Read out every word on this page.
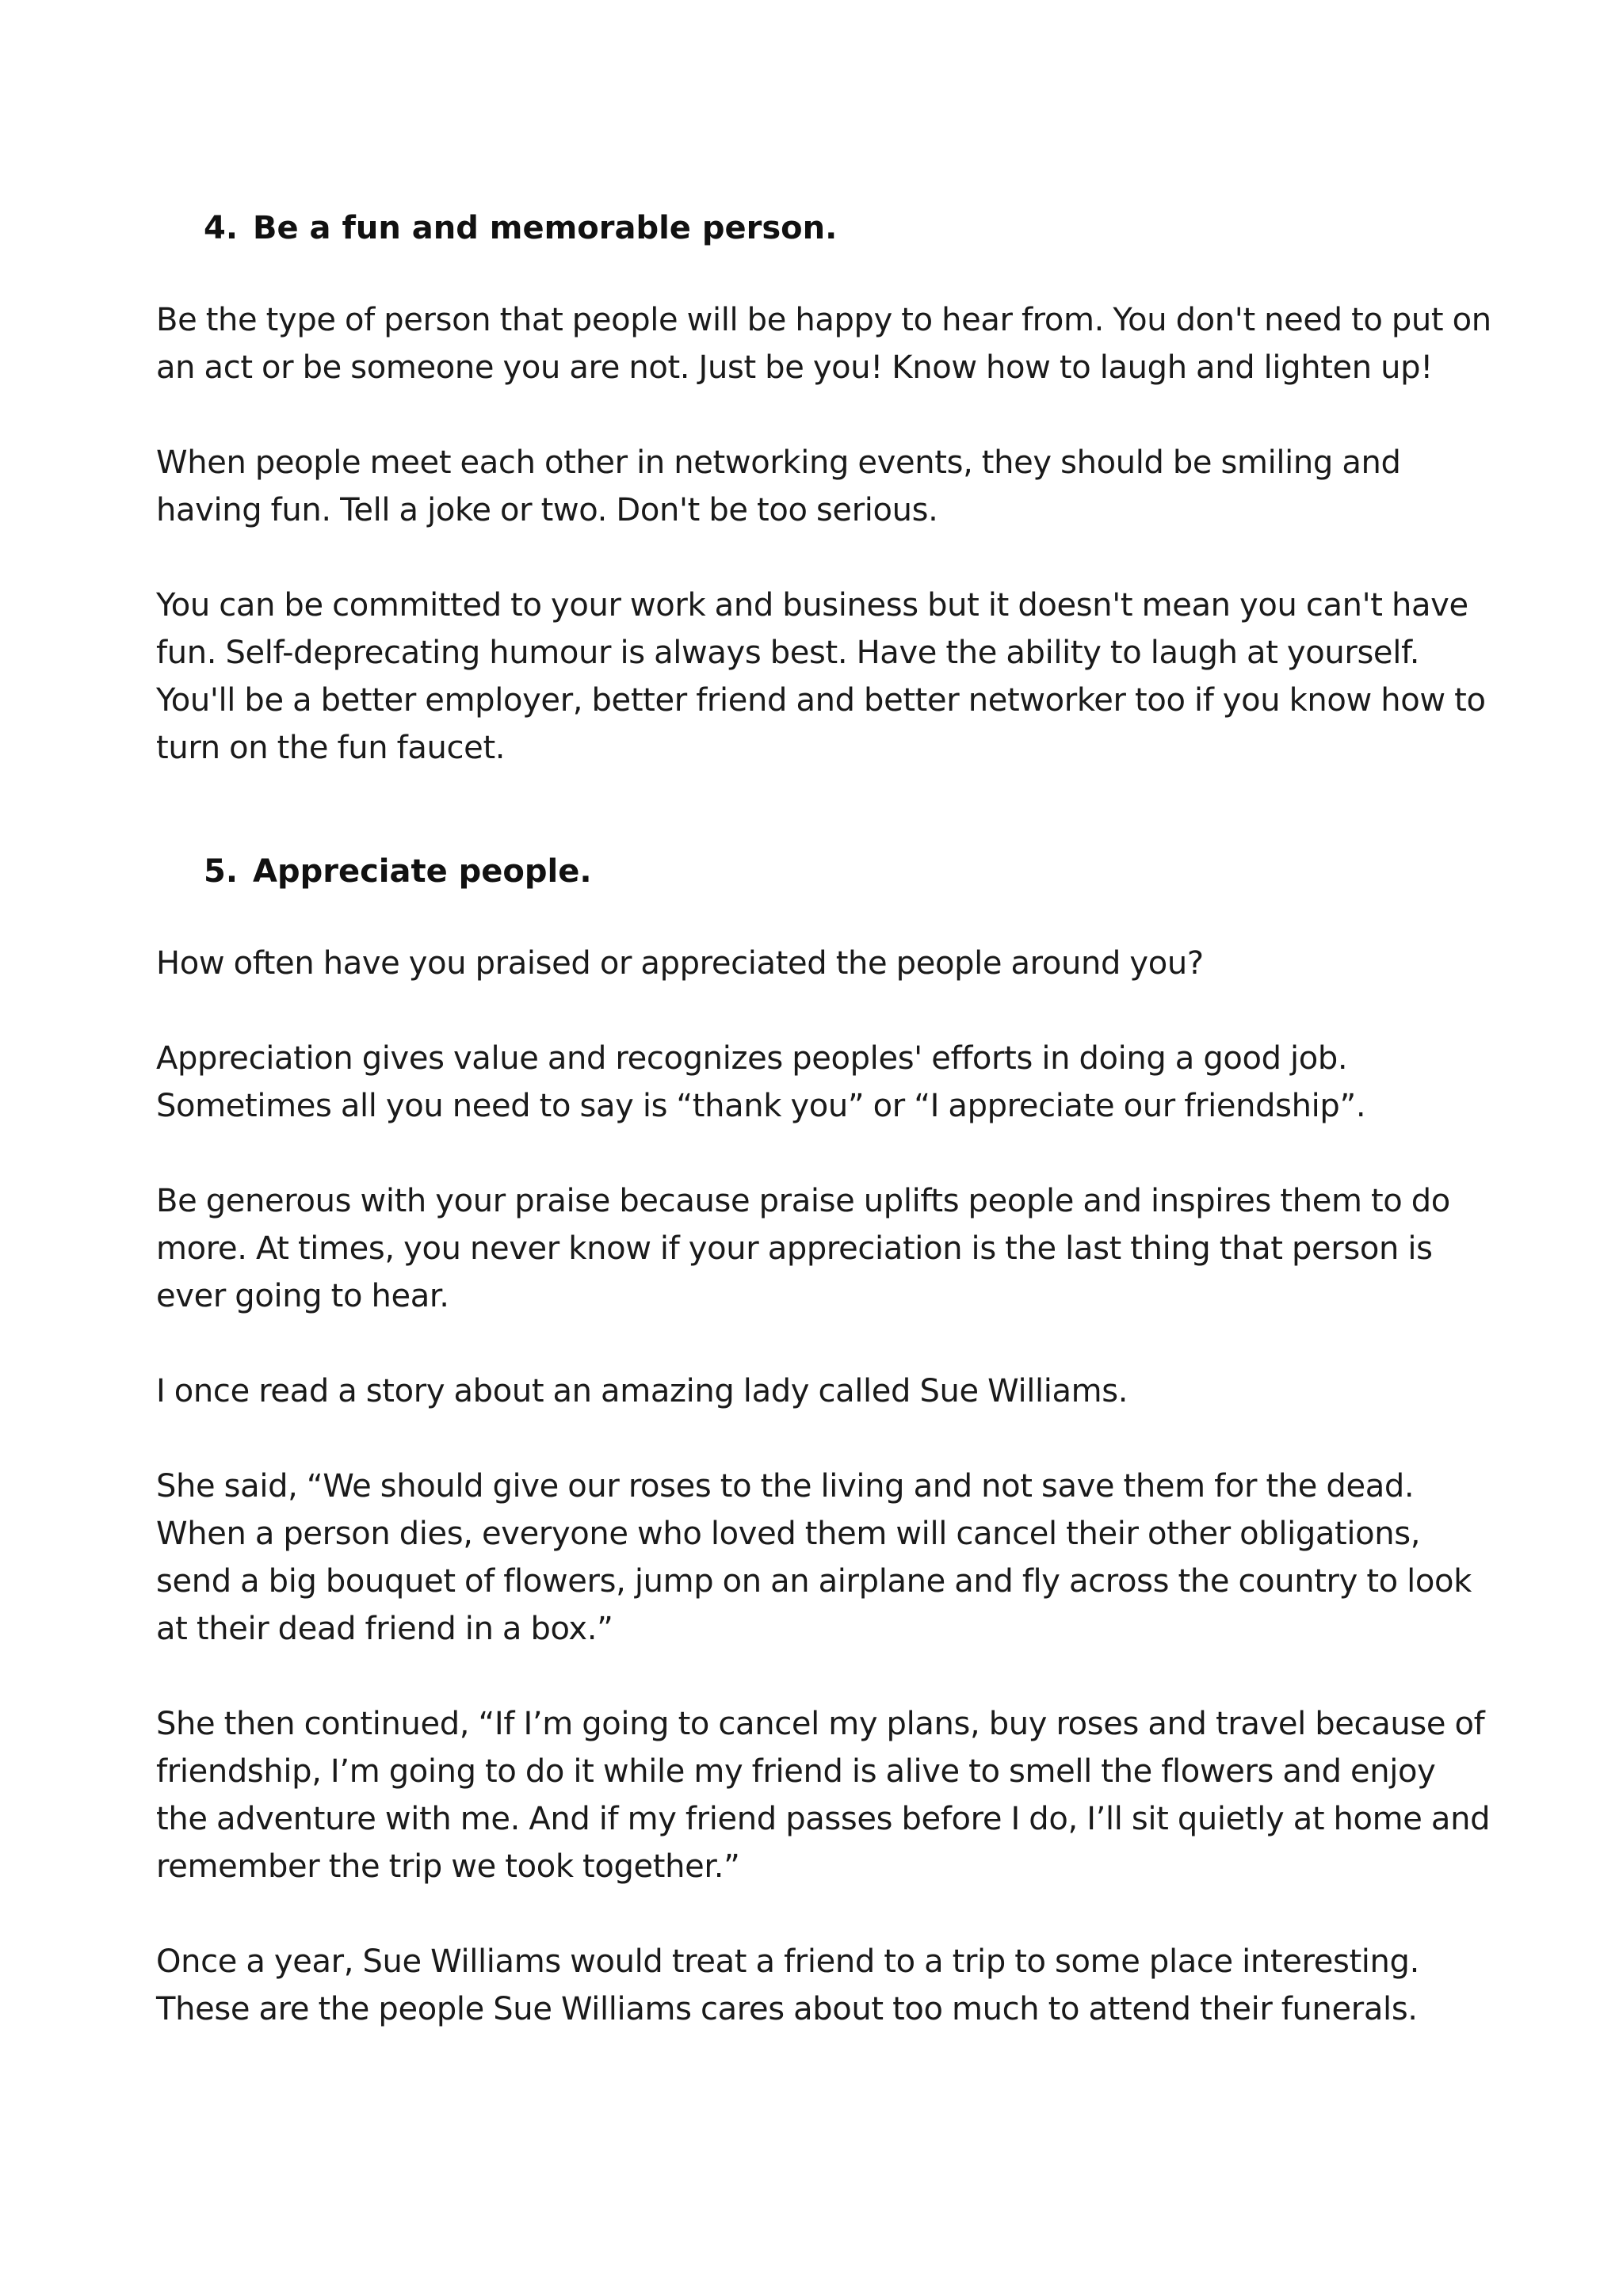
4. Be a fun and memorable person.

Be the type of person that people will be happy to hear from. You don't need to put on an act or be someone you are not. Just be you! Know how to laugh and lighten up!

When people meet each other in networking events, they should be smiling and having fun. Tell a joke or two. Don't be too serious.

You can be committed to your work and business but it doesn't mean you can't have fun. Self-deprecating humour is always best. Have the ability to laugh at yourself. You'll be a better employer, better friend and better networker too if you know how to turn on the fun faucet.

5. Appreciate people.

How often have you praised or appreciated the people around you?

Appreciation gives value and recognizes peoples' efforts in doing a good job. Sometimes all you need to say is “thank you” or “I appreciate our friendship”.

Be generous with your praise because praise uplifts people and inspires them to do more. At times, you never know if your appreciation is the last thing that person is ever going to hear.

I once read a story about an amazing lady called Sue Williams.

She said, “We should give our roses to the living and not save them for the dead. When a person dies, everyone who loved them will cancel their other obligations, send a big bouquet of flowers, jump on an airplane and fly across the country to look at their dead friend in a box.”

She then continued, “If I’m going to cancel my plans, buy roses and travel because of friendship, I’m going to do it while my friend is alive to smell the flowers and enjoy the adventure with me. And if my friend passes before I do, I’ll sit quietly at home and remember the trip we took together.”

Once a year, Sue Williams would treat a friend to a trip to some place interesting. These are the people Sue Williams cares about too much to attend their funerals.
